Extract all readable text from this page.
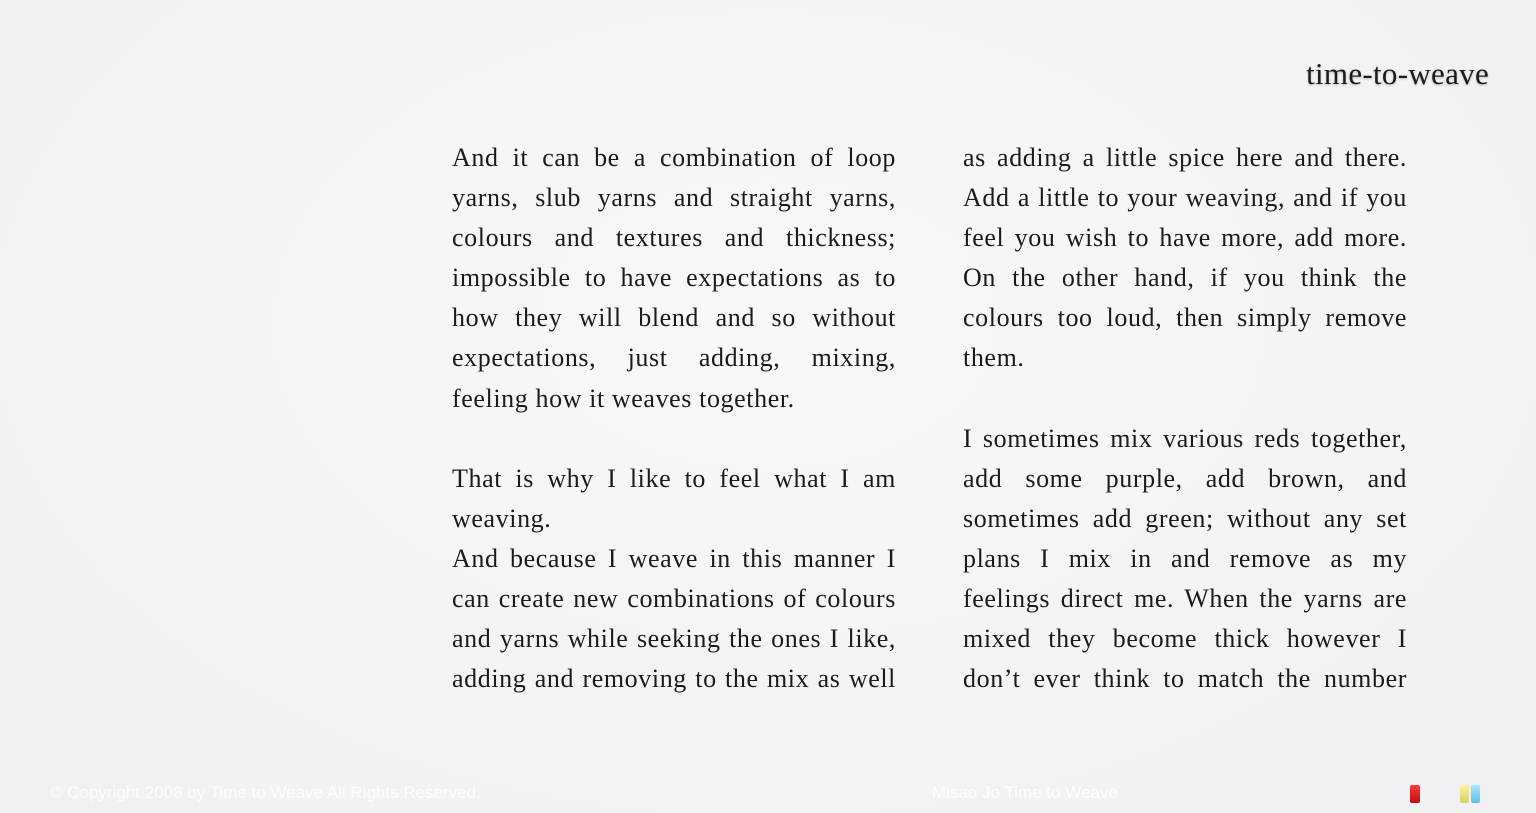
time-to-weave
And it can be a combination of loop
yarns, slub yarns and straight yarns,
colours and textures and thickness;
impossible to have expectations as to
how they will blend and so without
expectations, just adding, mixing,
feeling how it weaves together.
That is why I like to feel what I am
weaving.
And because I weave in this manner I
can create new combinations of colours
and yarns while seeking the ones I like,
adding and removing to the mix as well
as adding a little spice here and there.
Add a little to your weaving, and if you
feel you wish to have more, add more.
On the other hand, if you think the
colours too loud, then simply remove
them.
I sometimes mix various reds together,
add some purple, add brown, and
sometimes add green; without any set
plans I mix in and remove as my
feelings direct me. When the yarns are
mixed they become thick however I
don’t ever think to match the number
© Copyright 2008 by Time to Weave All Rights Reserved.	Misao Jo Time to Weave
